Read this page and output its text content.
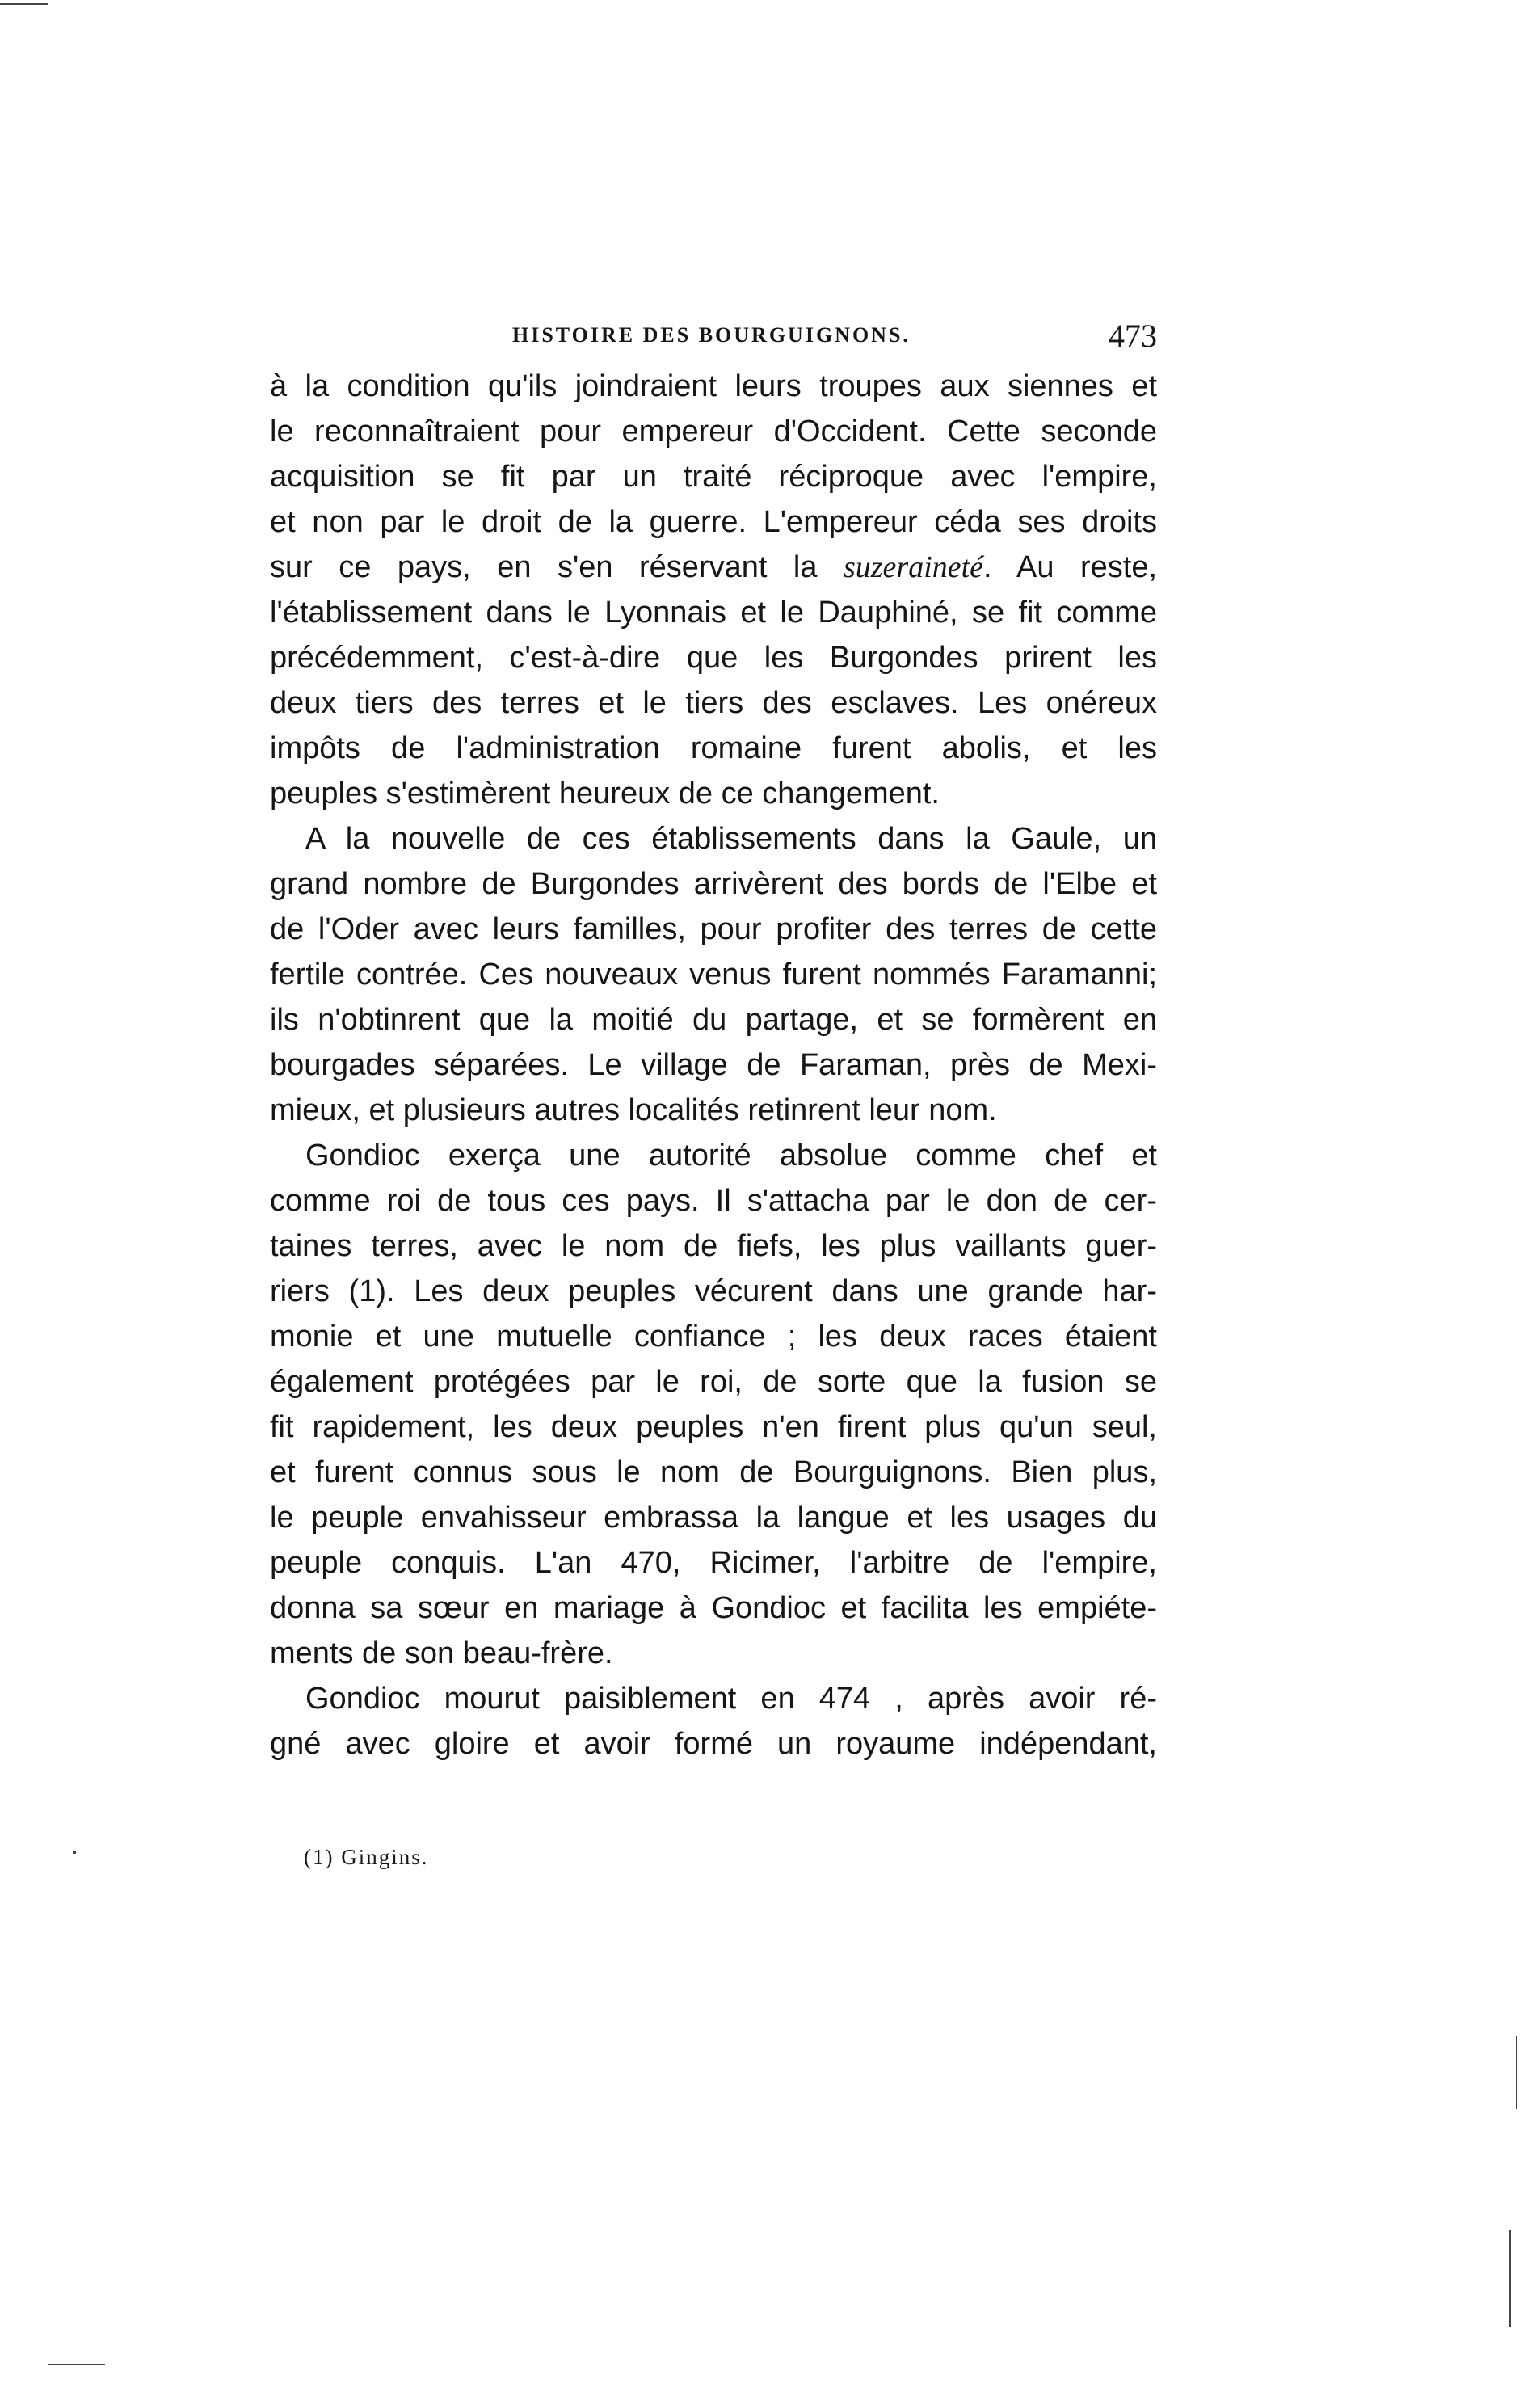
HISTOIRE DES BOURGUIGNONS.	473
à la condition qu'ils joindraient leurs troupes aux siennes et
le reconnaîtraient pour empereur d'Occident. Cette seconde
acquisition se fit par un traité réciproque avec l'empire,
et non par le droit de la guerre. L'empereur céda ses droits
sur ce pays, en s'en réservant la suzeraineté. Au reste,
l'établissement dans le Lyonnais et le Dauphiné, se fit comme
précédemment, c'est-à-dire que les Burgondes prirent les
deux tiers des terres et le tiers des esclaves. Les onéreux
impôts de l'administration romaine furent abolis, et les
peuples s'estimèrent heureux de ce changement.
A la nouvelle de ces établissements dans la Gaule, un
grand nombre de Burgondes arrivèrent des bords de l'Elbe et
de l'Oder avec leurs familles, pour profiter des terres de cette
fertile contrée. Ces nouveaux venus furent nommés Faramanni;
ils n'obtinrent que la moitié du partage, et se formèrent en
bourgades séparées. Le village de Faraman, près de Mexi-
mieux, et plusieurs autres localités retinrent leur nom.
Gondioc exerça une autorité absolue comme chef et
comme roi de tous ces pays. Il s'attacha par le don de cer-
taines terres, avec le nom de fiefs, les plus vaillants guer-
riers (1). Les deux peuples vécurent dans une grande har-
monie et une mutuelle confiance ; les deux races étaient
également protégées par le roi, de sorte que la fusion se
fit rapidement, les deux peuples n'en firent plus qu'un seul,
et furent connus sous le nom de Bourguignons. Bien plus,
le peuple envahisseur embrassa la langue et les usages du
peuple conquis. L'an 470, Ricimer, l'arbitre de l'empire,
donna sa sœur en mariage à Gondioc et facilita les empiéte-
ments de son beau-frère.
Gondioc mourut paisiblement en 474 , après avoir ré-
gné avec gloire et avoir formé un royaume indépendant,
(1) Gingins.
